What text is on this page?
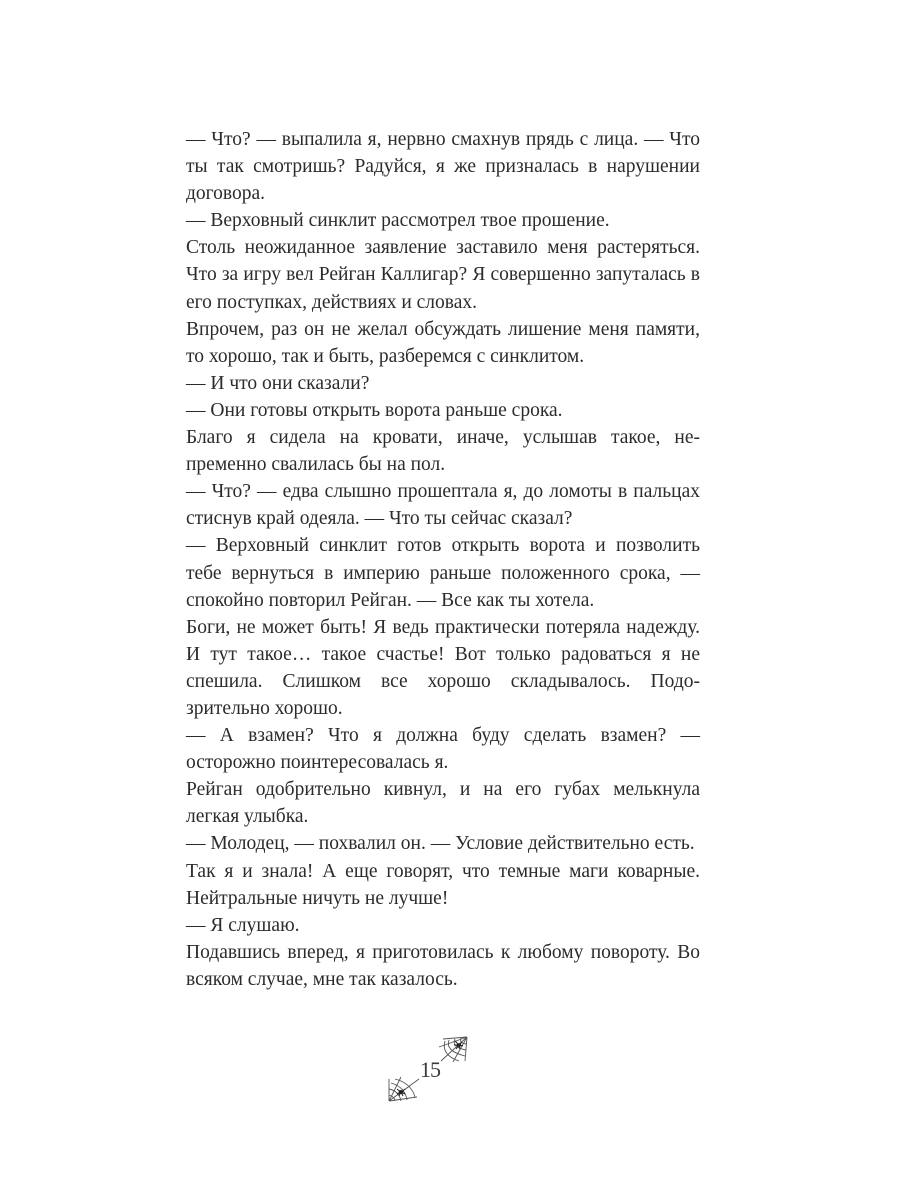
— Что? — выпалила я, нервно смахнув прядь с лица. — Что ты так смотришь? Радуйся, я же призналась в нарушении договора.

— Верховный синклит рассмотрел твое прошение.

Столь неожиданное заявление заставило меня растеряться. Что за игру вел Рейган Каллигар? Я совершенно запуталась в его поступках, действиях и словах.

Впрочем, раз он не желал обсуждать лишение меня памяти, то хорошо, так и быть, разберемся с синклитом.

— И что они сказали?

— Они готовы открыть ворота раньше срока.

Благо я сидела на кровати, иначе, услышав такое, непременно свалилась бы на пол.

— Что? — едва слышно прошептала я, до ломоты в пальцах стиснув край одеяла. — Что ты сейчас сказал?

— Верховный синклит готов открыть ворота и позволить тебе вернуться в империю раньше положенного срока, — спокойно повторил Рейган. — Все как ты хотела.

Боги, не может быть! Я ведь практически потеряла надежду. И тут такое… такое счастье! Вот только радоваться я не спешила. Слишком все хорошо складывалось. Подозрительно хорошо.

— А взамен? Что я должна буду сделать взамен? — осторожно поинтересовалась я.

Рейган одобрительно кивнул, и на его губах мелькнула легкая улыбка.

— Молодец, — похвалил он. — Условие действительно есть.

Так я и знала! А еще говорят, что темные маги коварные. Нейтральные ничуть не лучше!

— Я слушаю.

Подавшись вперед, я приготовилась к любому повороту. Во всяком случае, мне так казалось.

15
